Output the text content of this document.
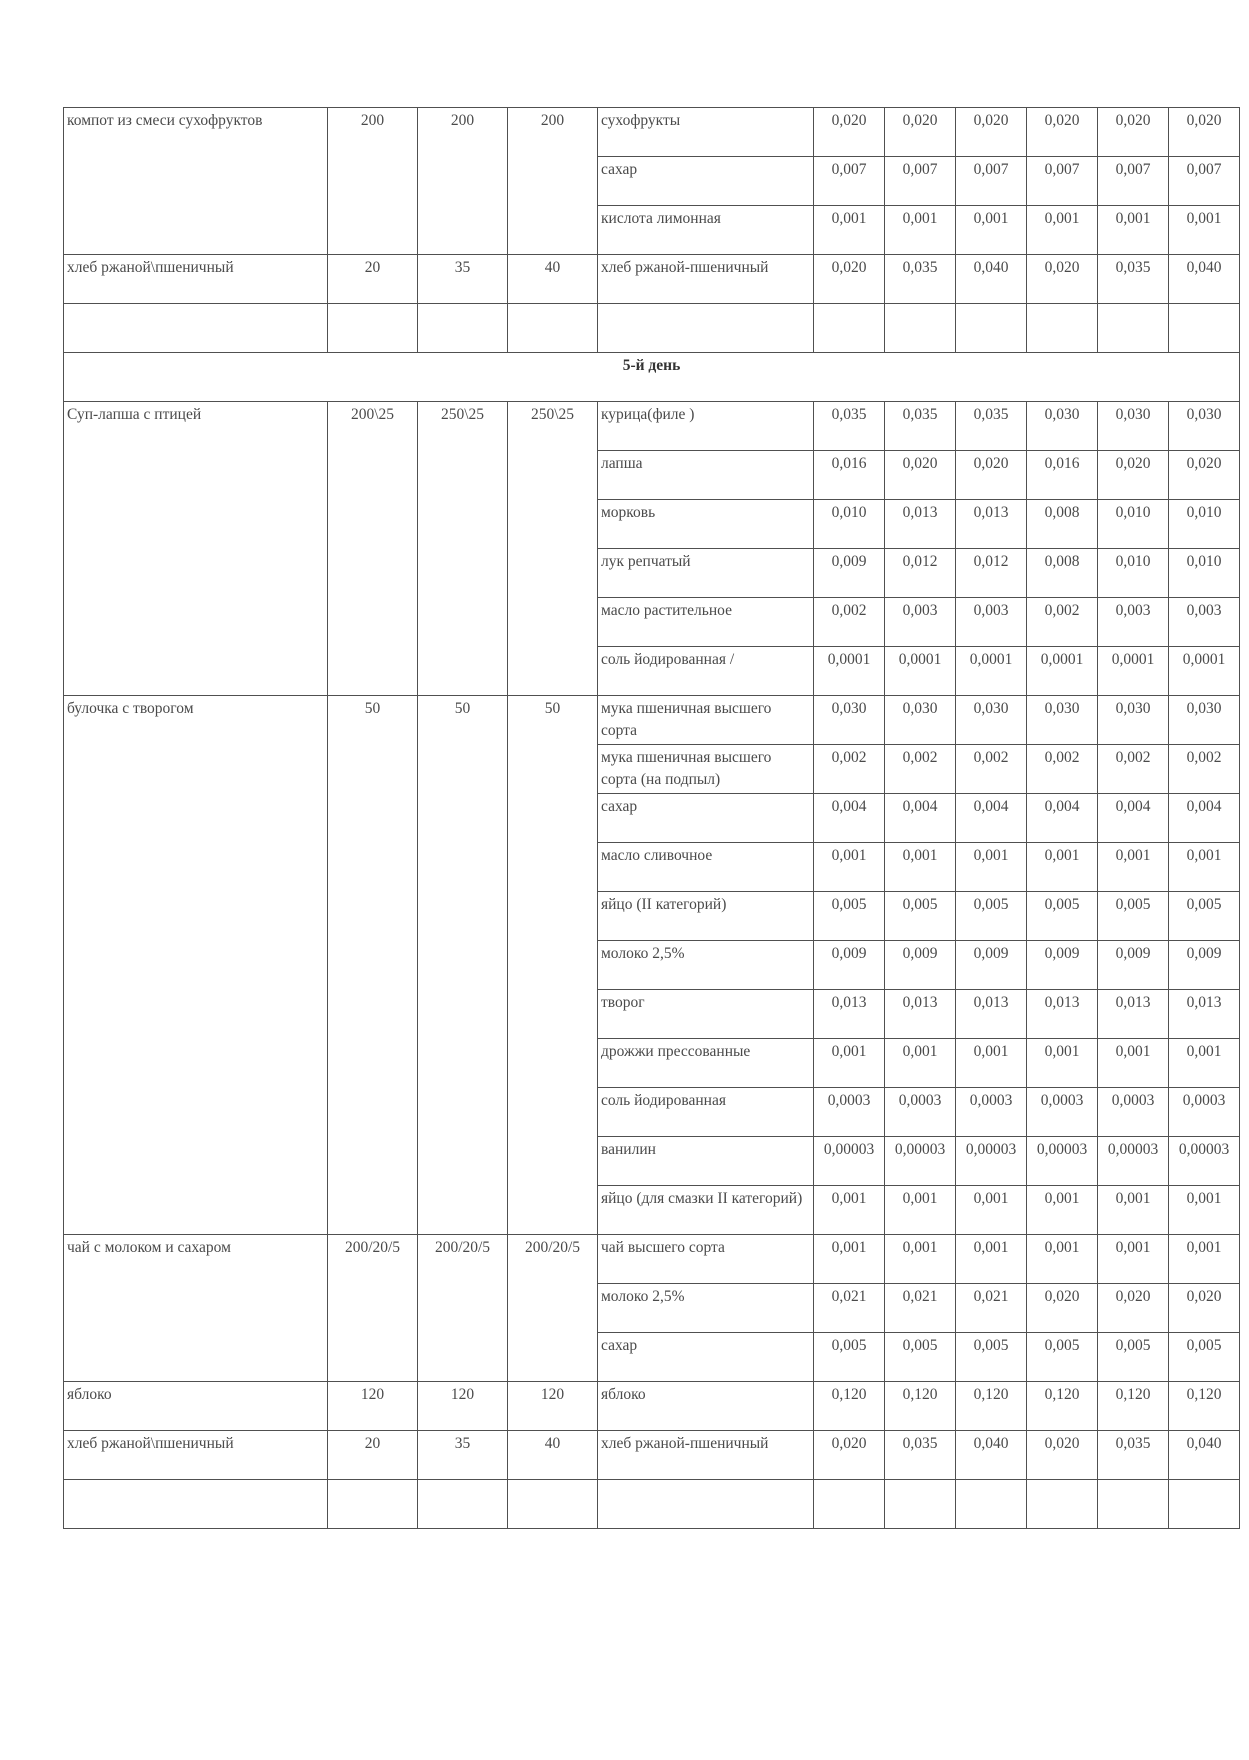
компот из смеси сухофруктов	200	200	200	сухофрукты	0,020	0,020	0,020	0,020	0,020	0,020
				сахар	0,007	0,007	0,007	0,007	0,007	0,007
				кислота лимонная	0,001	0,001	0,001	0,001	0,001	0,001
хлеб ржаной\пшеничный	20	35	40	хлеб ржаной-пшеничный	0,020	0,035	0,040	0,020	0,035	0,040

5-й день										
Суп-лапша с птицей	200\25	250\25	250\25	курица(филе )	0,035	0,035	0,035	0,030	0,030	0,030
				лапша	0,016	0,020	0,020	0,016	0,020	0,020
				морковь	0,010	0,013	0,013	0,008	0,010	0,010
				лук репчатый	0,009	0,012	0,012	0,008	0,010	0,010
				масло растительное	0,002	0,003	0,003	0,002	0,003	0,003
				соль йодированная /	0,0001	0,0001	0,0001	0,0001	0,0001	0,0001
булочка с творогом	50	50	50	мука пшеничная высшего сорта	0,030	0,030	0,030	0,030	0,030	0,030
				мука пшеничная высшего сорта (на подпыл)	0,002	0,002	0,002	0,002	0,002	0,002
				сахар	0,004	0,004	0,004	0,004	0,004	0,004
				масло сливочное	0,001	0,001	0,001	0,001	0,001	0,001
				яйцо (II категорий)	0,005	0,005	0,005	0,005	0,005	0,005
				молоко 2,5%	0,009	0,009	0,009	0,009	0,009	0,009
				творог	0,013	0,013	0,013	0,013	0,013	0,013
				дрожжи прессованные	0,001	0,001	0,001	0,001	0,001	0,001
				соль йодированная	0,0003	0,0003	0,0003	0,0003	0,0003	0,0003
				ванилин	0,00003	0,00003	0,00003	0,00003	0,00003	0,00003
				яйцо (для смазки II категорий)	0,001	0,001	0,001	0,001	0,001	0,001
чай с молоком и сахаром	200/20/5	200/20/5	200/20/5	чай высшего сорта	0,001	0,001	0,001	0,001	0,001	0,001
				молоко 2,5%	0,021	0,021	0,021	0,020	0,020	0,020
				сахар	0,005	0,005	0,005	0,005	0,005	0,005
яблоко	120	120	120	яблоко	0,120	0,120	0,120	0,120	0,120	0,120
хлеб ржаной\пшеничный	20	35	40	хлеб ржаной-пшеничный	0,020	0,035	0,040	0,020	0,035	0,040
